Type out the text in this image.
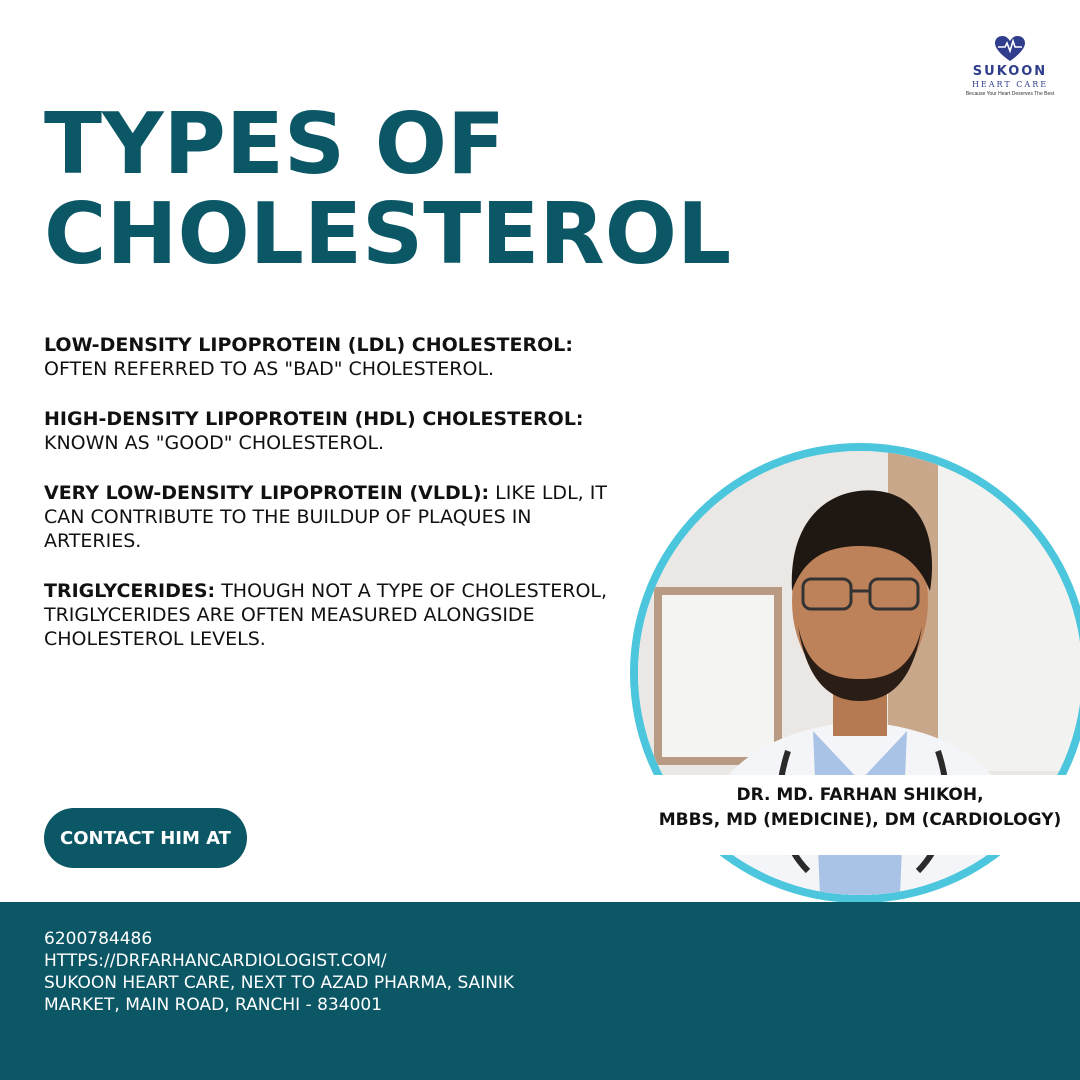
SUKOON
HEART CARE
Because Your Heart Deserves The Best
TYPES OF
CHOLESTEROL

LOW-DENSITY LIPOPROTEIN (LDL) CHOLESTEROL:
OFTEN REFERRED TO AS "BAD" CHOLESTEROL.

HIGH-DENSITY LIPOPROTEIN (HDL) CHOLESTEROL:
KNOWN AS "GOOD" CHOLESTEROL.

VERY LOW-DENSITY LIPOPROTEIN (VLDL): LIKE LDL, IT CAN CONTRIBUTE TO THE BUILDUP OF PLAQUES IN ARTERIES.

TRIGLYCERIDES: THOUGH NOT A TYPE OF CHOLESTEROL, TRIGLYCERIDES ARE OFTEN MEASURED ALONGSIDE CHOLESTEROL LEVELS.

CONTACT HIM AT

DR. MD. FARHAN SHIKOH,
MBBS, MD (MEDICINE), DM (CARDIOLOGY)

6200784486
HTTPS://DRFARHANCARDIOLOGIST.COM/
SUKOON HEART CARE, NEXT TO AZAD PHARMA, SAINIK
MARKET, MAIN ROAD, RANCHI - 834001
